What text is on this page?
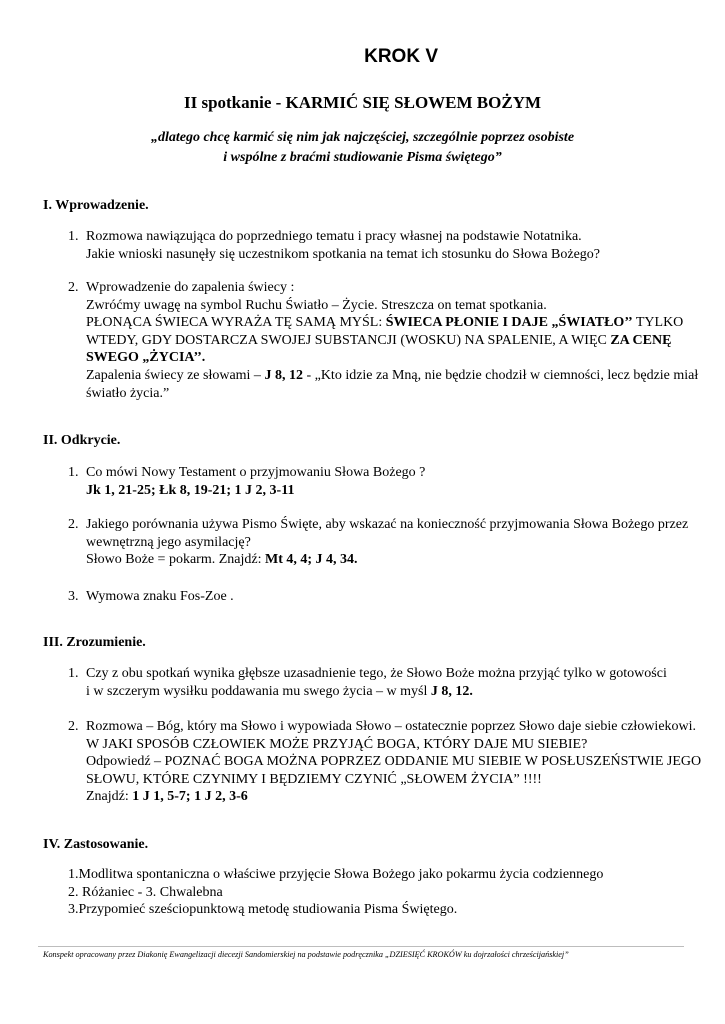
KROK V
II spotkanie - KARMIĆ SIĘ SŁOWEM BOŻYM
„dlatego chcę karmić się nim jak najczęściej, szczególnie poprzez osobiste
i wspólne z braćmi studiowanie Pisma świętego”
I. Wprowadzenie.
1. Rozmowa nawiązująca do poprzedniego tematu i pracy własnej na podstawie Notatnika.
Jakie wnioski nasunęły się uczestnikom spotkania na temat ich stosunku do Słowa Bożego?
2. Wprowadzenie do zapalenia świecy :
Zwróćmy uwagę na symbol Ruchu Światło – Życie. Streszcza on temat spotkania.
PŁONĄCA ŚWIECA WYRAŻA TĘ SAMĄ MYŚL: ŚWIECA PŁONIE I DAJE „ŚWIATŁO’’ TYLKO
WTEDY, GDY DOSTARCZA SWOJEJ SUBSTANCJI (WOSKU) NA SPALENIE, A WIĘC ZA CENĘ
SWEGO „ŻYCIA’’.
Zapalenia świecy ze słowami – J 8, 12 - „Kto idzie za Mną, nie będzie chodził w ciemności, lecz będzie miał
światło życia.”
II. Odkrycie.
1. Co mówi Nowy Testament o przyjmowaniu Słowa Bożego ?
Jk 1, 21-25; Łk 8, 19-21; 1 J 2, 3-11
2. Jakiego porównania używa Pismo Święte, aby wskazać na konieczność przyjmowania Słowa Bożego przez
wewnętrzną jego asymilację?
Słowo Boże = pokarm. Znajdź: Mt 4, 4; J 4, 34.
3. Wymowa znaku Fos-Zoe .
III. Zrozumienie.
1. Czy z obu spotkań wynika głębsze uzasadnienie tego, że Słowo Boże można przyjąć tylko w gotowości
i w szczerym wysiłku poddawania mu swego życia – w myśl J 8, 12.
2. Rozmowa – Bóg, który ma Słowo i wypowiada Słowo – ostatecznie poprzez Słowo daje siebie człowiekowi.
W JAKI SPOSÓB CZŁOWIEK MOŻE PRZYJĄĆ BOGA, KTÓRY DAJE MU SIEBIE?
Odpowiedź – POZNAĆ BOGA MOŻNA POPRZEZ ODDANIE MU SIEBIE W POSŁUSZEŃSTWIE JEGO
SŁOWU, KTÓRE CZYNIMY I BĘDZIEMY CZYNIĆ „SŁOWEM ŻYCIA” !!!!
Znajdź: 1 J 1, 5-7; 1 J 2, 3-6
IV. Zastosowanie.
1.Modlitwa spontaniczna o właściwe przyjęcie Słowa Bożego jako pokarmu życia codziennego
2. Różaniec - 3. Chwalebna
3.Przypomieć sześciopunktową metodę studiowania Pisma Świętego.
Konspekt opracowany przez Diakonię Ewangelizacji diecezji Sandomierskiej na podstawie podręcznika „DZIESIĘĆ KROKÓW ku dojrzałości chrześcijańskiej”
